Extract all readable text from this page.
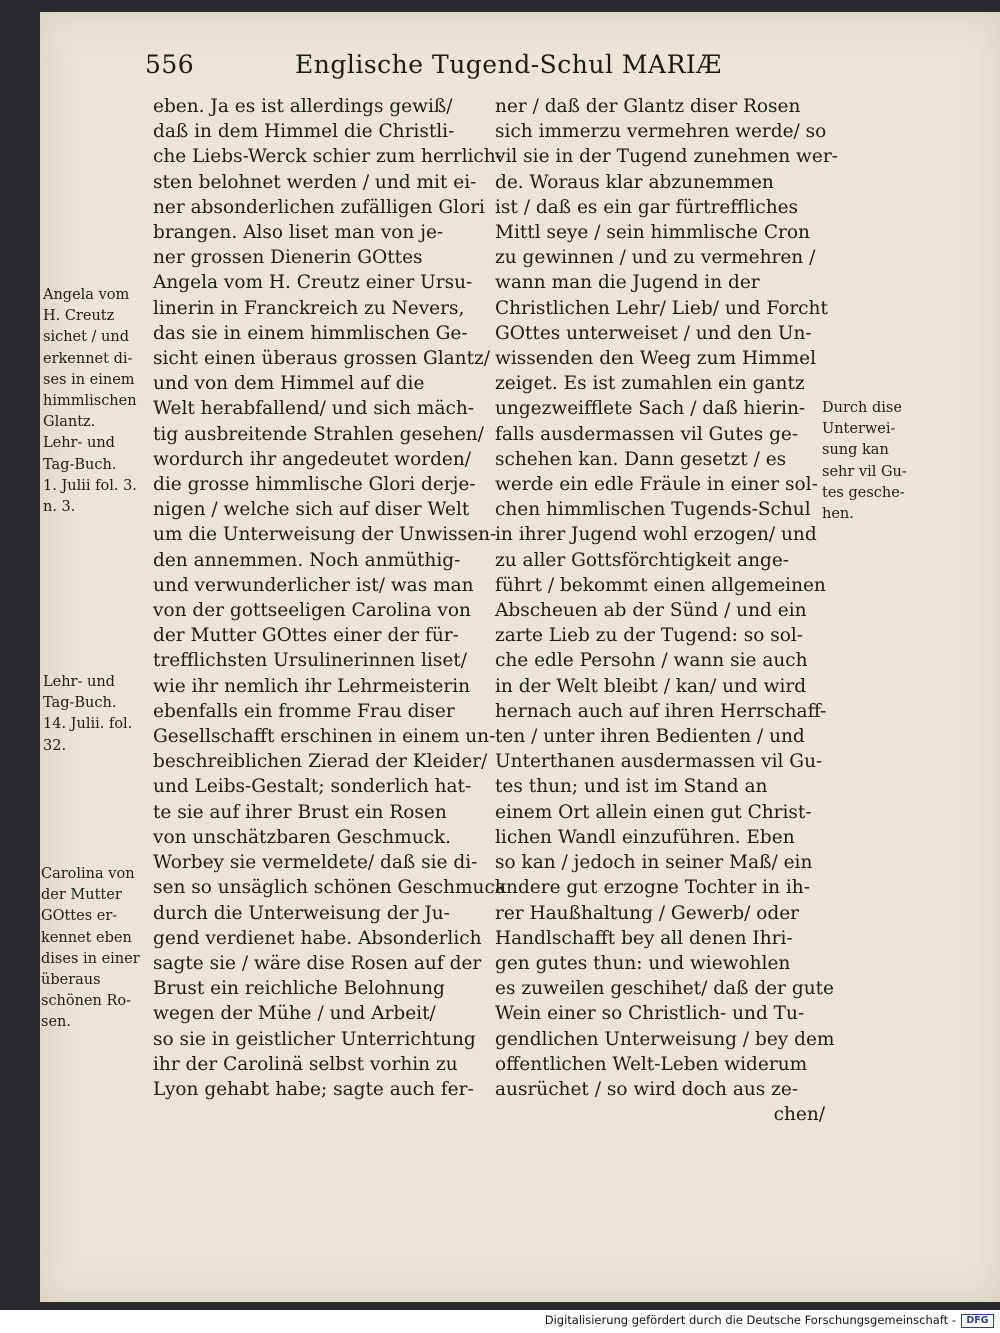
556	Englische Tugend-Schul MARIÆ
eben. Ja es ist allerdings gewiß/
daß in dem Himmel die Christli-
che Liebs-Werck schier zum herrlich-
sten belohnet werden / und mit ei-
ner absonderlichen zufälligen Glori
brangen. Also liset man von je-
ner grossen Dienerin GOttes
Angela vom H. Creutz einer Ursu-
linerin in Franckreich zu Nevers,
das sie in einem himmlischen Ge-
sicht einen überaus grossen Glantz/
und von dem Himmel auf die
Welt herabfallend/ und sich mäch-
tig ausbreitende Strahlen gesehen/
wordurch ihr angedeutet worden/
die grosse himmlische Glori derje-
nigen / welche sich auf diser Welt
um die Unterweisung der Unwissen-
den annemmen. Noch anmüthig-
und verwunderlicher ist/ was man
von der gottseeligen Carolina von
der Mutter GOttes einer der für-
trefflichsten Ursulinerinnen liset/
wie ihr nemlich ihr Lehrmeisterin
ebenfalls ein fromme Frau diser
Gesellschafft erschinen in einem un-
beschreiblichen Zierad der Kleider/
und Leibs-Gestalt; sonderlich hat-
te sie auf ihrer Brust ein Rosen
von unschätzbaren Geschmuck.
Worbey sie vermeldete/ daß sie di-
sen so unsäglich schönen Geschmuck
durch die Unterweisung der Ju-
gend verdienet habe. Absonderlich
sagte sie / wäre dise Rosen auf der
Brust ein reichliche Belohnung
wegen der Mühe / und Arbeit/
so sie in geistlicher Unterrichtung
ihr der Carolinä selbst vorhin zu
Lyon gehabt habe; sagte auch fer-
ner / daß der Glantz diser Rosen
sich immerzu vermehren werde/ so
vil sie in der Tugend zunehmen wer-
de. Woraus klar abzunemmen
ist / daß es ein gar fürtreffliches
Mittl seye / sein himmlische Cron
zu gewinnen / und zu vermehren /
wann man die Jugend in der
Christlichen Lehr/ Lieb/ und Forcht
GOttes unterweiset / und den Un-
wissenden den Weeg zum Himmel
zeiget. Es ist zumahlen ein gantz
ungezweifflete Sach / daß hierin-
falls ausdermassen vil Gutes ge-
schehen kan. Dann gesetzt / es
werde ein edle Fräule in einer sol-
chen himmlischen Tugends-Schul
in ihrer Jugend wohl erzogen/ und
zu aller Gottsförchtigkeit ange-
führt / bekommt einen allgemeinen
Abscheuen ab der Sünd / und ein
zarte Lieb zu der Tugend: so sol-
che edle Persohn / wann sie auch
in der Welt bleibt / kan/ und wird
hernach auch auf ihren Herrschaff-
ten / unter ihren Bedienten / und
Unterthanen ausdermassen vil Gu-
tes thun; und ist im Stand an
einem Ort allein einen gut Christ-
lichen Wandl einzuführen. Eben
so kan / jedoch in seiner Maß/ ein
andere gut erzogne Tochter in ih-
rer Haußhaltung / Gewerb/ oder
Handlschafft bey all denen Ihri-
gen gutes thun: und wiewohlen
es zuweilen geschihet/ daß der gute
Wein einer so Christlich- und Tu-
gendlichen Unterweisung / bey dem
offentlichen Welt-Leben widerum
ausrüchet / so wird doch aus ze-
chen/
Angela vom
H. Creutz
sichet / und
erkennet di-
ses in einem
himmlischen
Glantz.
Lehr- und
Tag-Buch.
1. Julii fol. 3.
n. 3.
Lehr- und
Tag-Buch.
14. Julii. fol.
32.
Carolina von
der Mutter
GOttes er-
kennet eben
dises in einer
überaus
schönen Ro-
sen.
Durch dise
Unterwei-
sung kan
sehr vil Gu-
tes gesche-
hen.
Digitalisierung gefördert durch die Deutsche Forschungsgemeinschaft -	DFG
